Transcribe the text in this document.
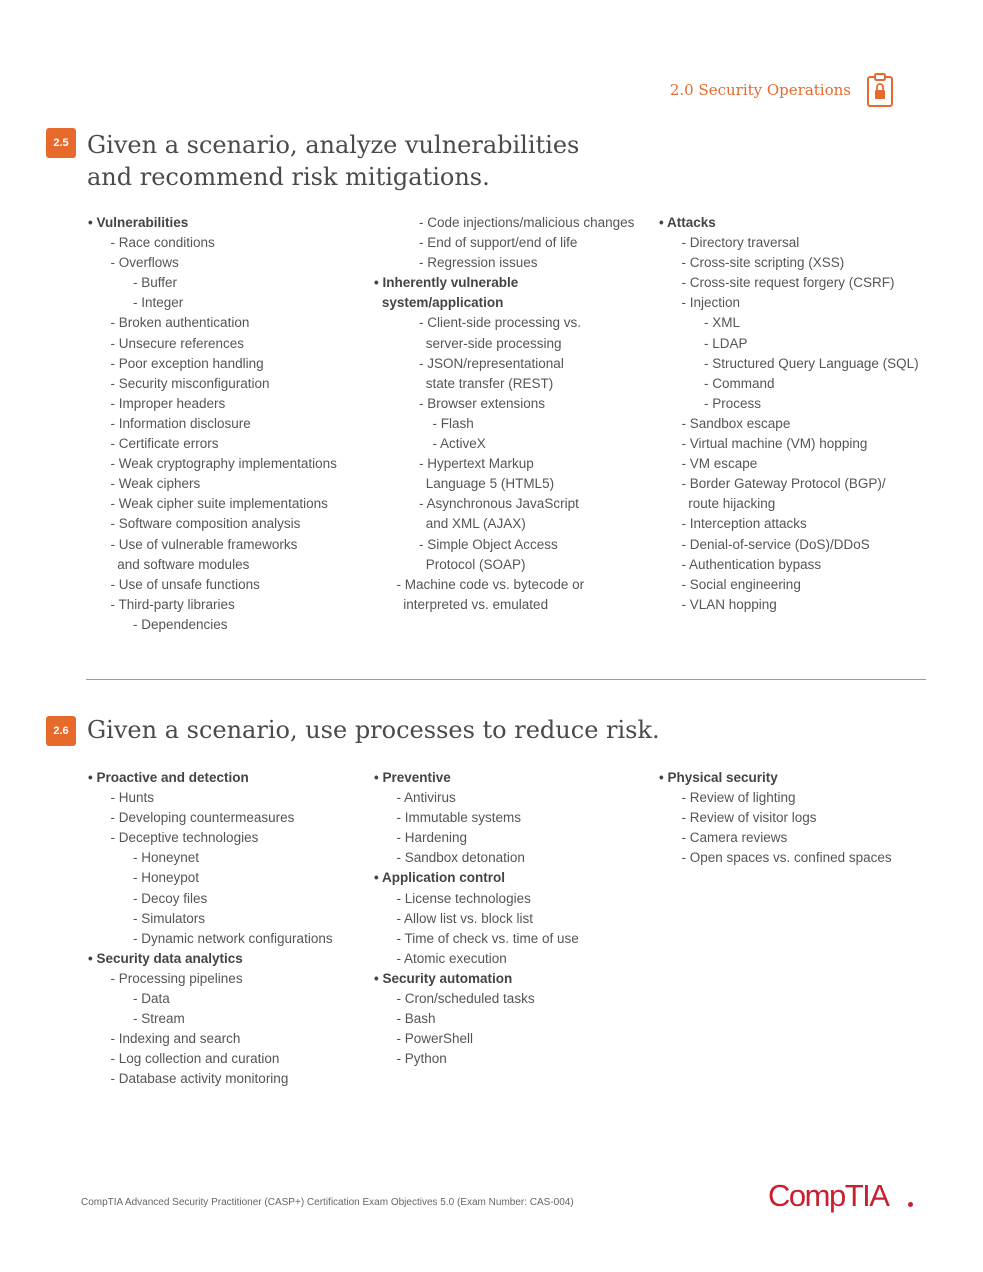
2.0 Security Operations
2.5 Given a scenario, analyze vulnerabilities
and recommend risk mitigations.
• Vulnerabilities
- Race conditions
- Overflows
- Buffer
- Integer
- Broken authentication
- Unsecure references
- Poor exception handling
- Security misconfiguration
- Improper headers
- Information disclosure
- Certificate errors
- Weak cryptography implementations
- Weak ciphers
- Weak cipher suite implementations
- Software composition analysis
- Use of vulnerable frameworks
and software modules
- Use of unsafe functions
- Third-party libraries
- Dependencies
- Code injections/malicious changes
- End of support/end of life
- Regression issues
• Inherently vulnerable
system/application
- Client-side processing vs.
server-side processing
- JSON/representational
state transfer (REST)
- Browser extensions
- Flash
- ActiveX
- Hypertext Markup
Language 5 (HTML5)
- Asynchronous JavaScript
and XML (AJAX)
- Simple Object Access
Protocol (SOAP)
- Machine code vs. bytecode or
interpreted vs. emulated
• Attacks
- Directory traversal
- Cross-site scripting (XSS)
- Cross-site request forgery (CSRF)
- Injection
- XML
- LDAP
- Structured Query Language (SQL)
- Command
- Process
- Sandbox escape
- Virtual machine (VM) hopping
- VM escape
- Border Gateway Protocol (BGP)/
route hijacking
- Interception attacks
- Denial-of-service (DoS)/DDoS
- Authentication bypass
- Social engineering
- VLAN hopping
2.6 Given a scenario, use processes to reduce risk.
• Proactive and detection
- Hunts
- Developing countermeasures
- Deceptive technologies
- Honeynet
- Honeypot
- Decoy files
- Simulators
- Dynamic network configurations
• Security data analytics
- Processing pipelines
- Data
- Stream
- Indexing and search
- Log collection and curation
- Database activity monitoring
• Preventive
- Antivirus
- Immutable systems
- Hardening
- Sandbox detonation
• Application control
- License technologies
- Allow list vs. block list
- Time of check vs. time of use
- Atomic execution
• Security automation
- Cron/scheduled tasks
- Bash
- PowerShell
- Python
• Physical security
- Review of lighting
- Review of visitor logs
- Camera reviews
- Open spaces vs. confined spaces
CompTIA Advanced Security Practitioner (CASP+) Certification Exam Objectives 5.0 (Exam Number: CAS-004)	CompTIA
